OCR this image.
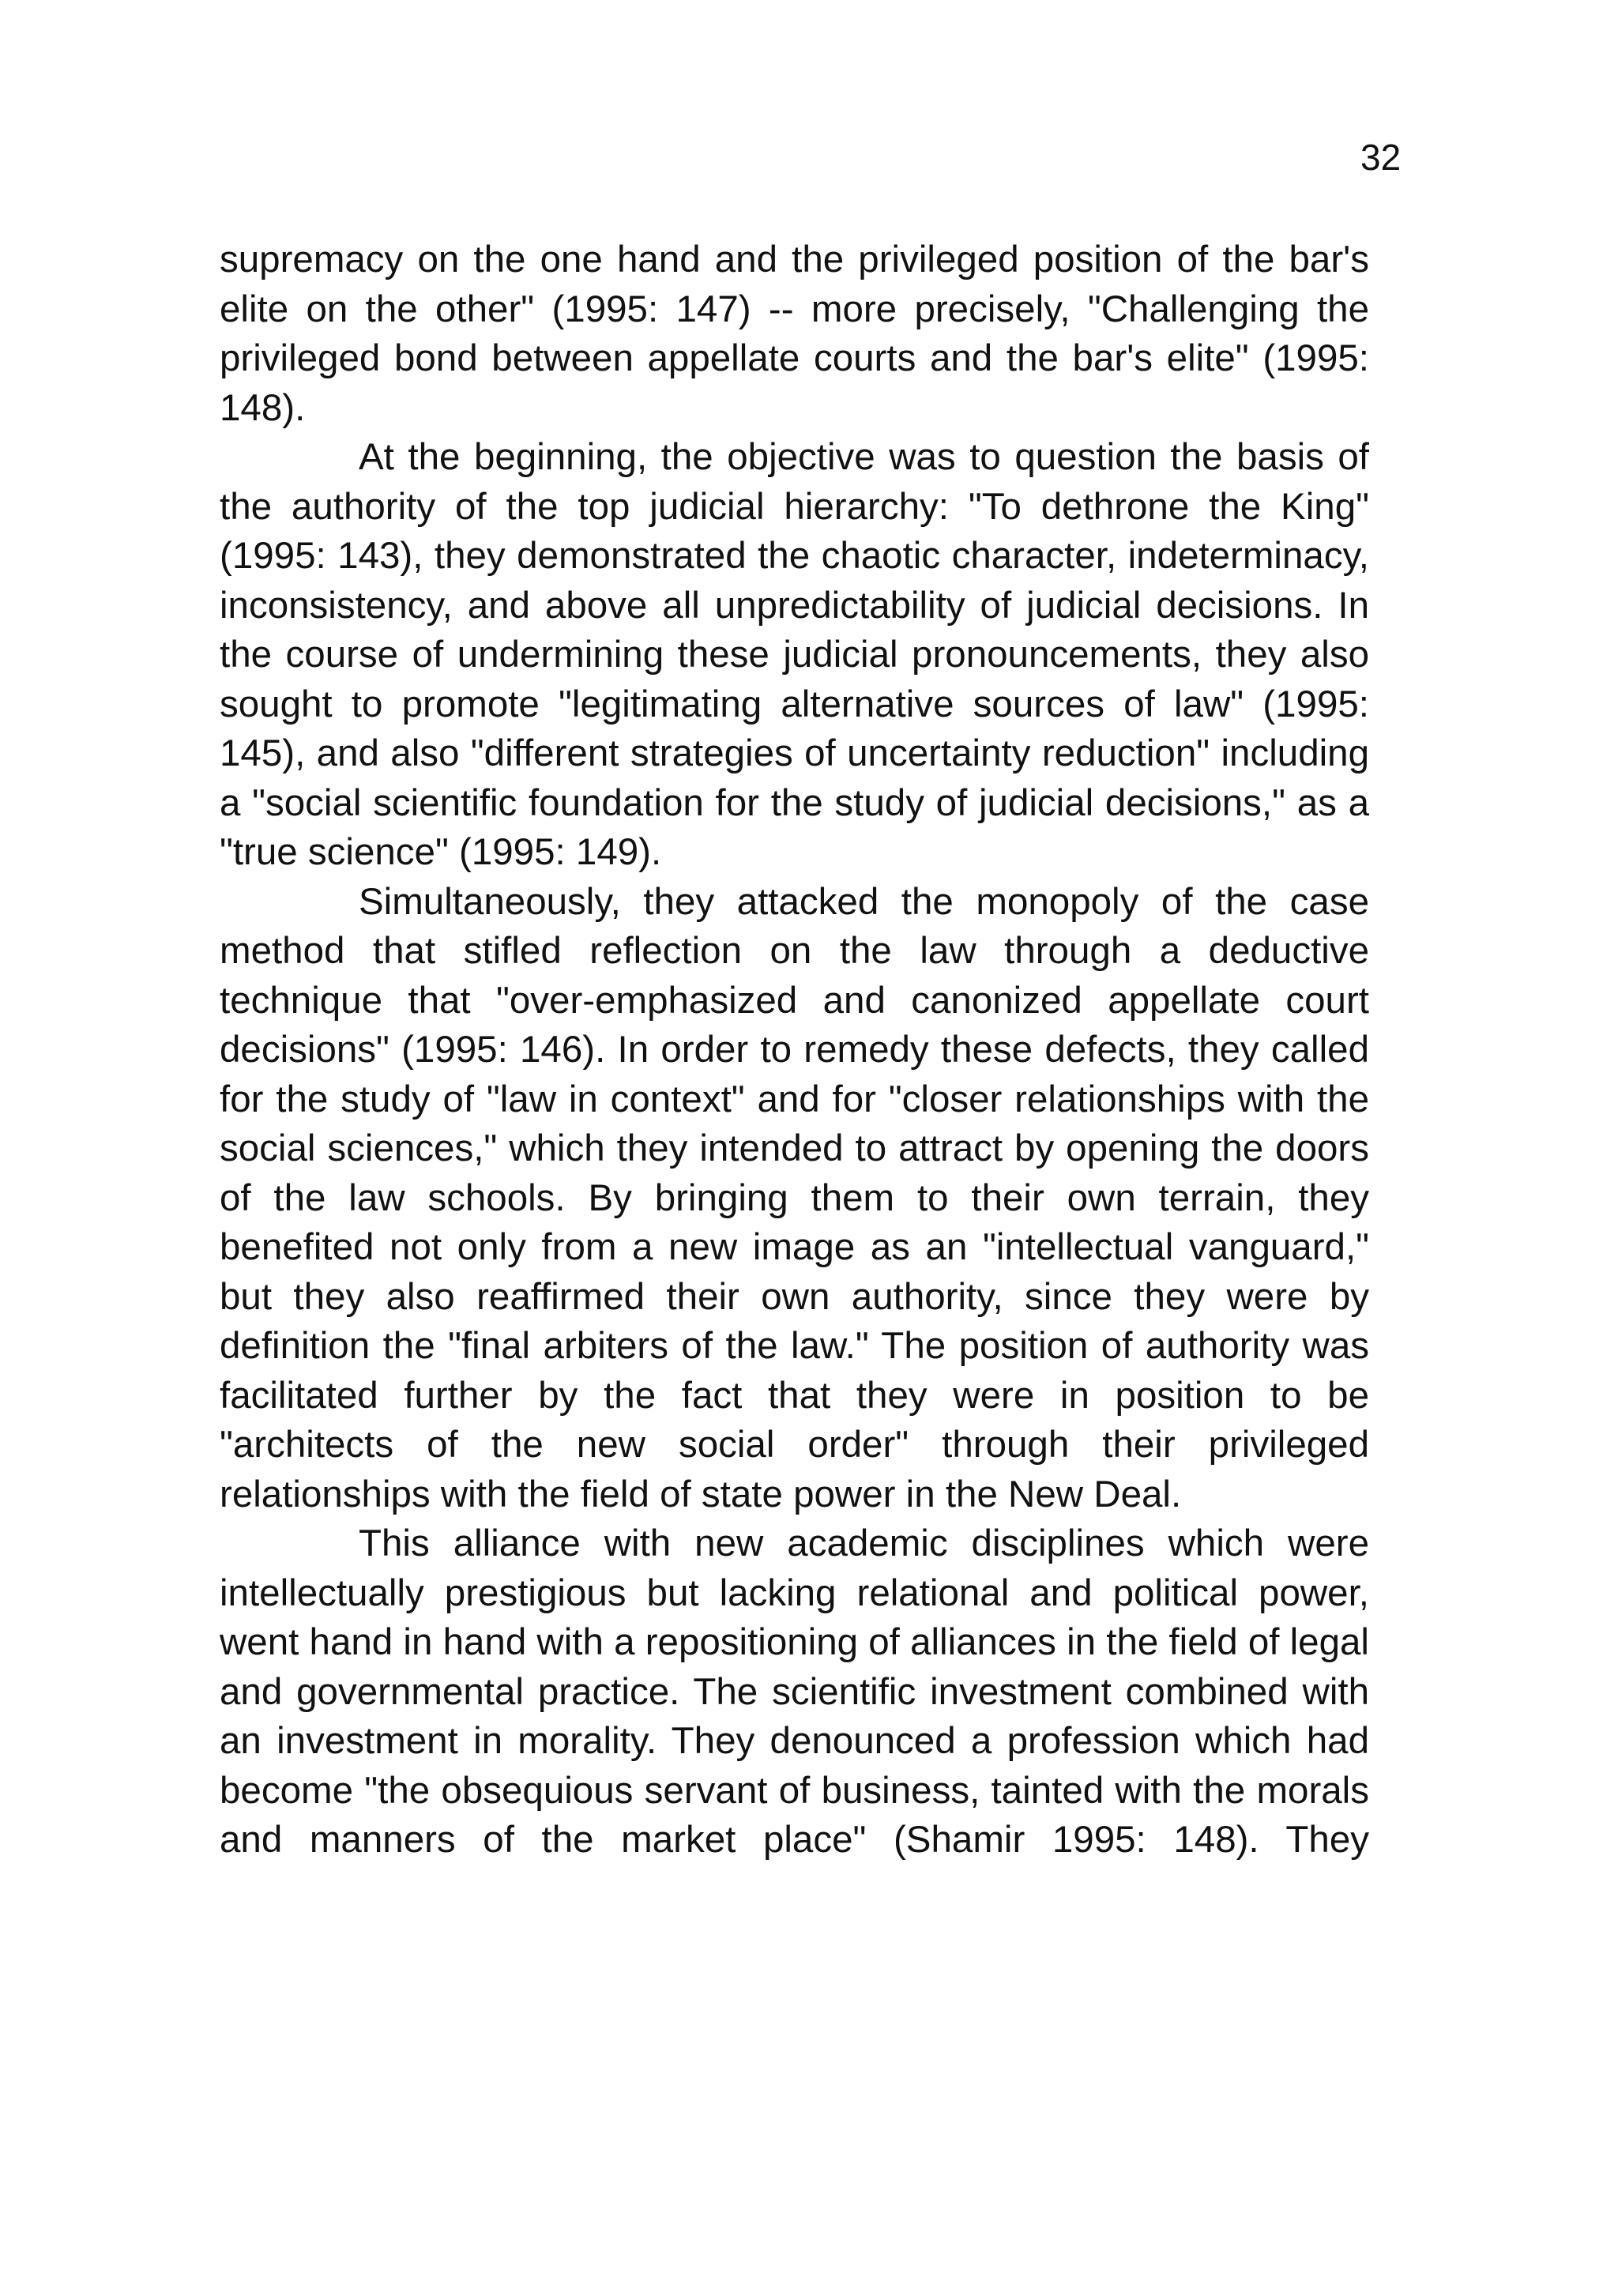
32

supremacy on the one hand and the privileged position of the bar's elite on the other" (1995: 147) -- more precisely, "Challenging the privileged bond between appellate courts and the bar's elite" (1995: 148).

At the beginning, the objective was to question the basis of the authority of the top judicial hierarchy: "To dethrone the King" (1995: 143), they demonstrated the chaotic character, indeterminacy, inconsistency, and above all unpredictability of judicial decisions. In the course of undermining these judicial pronouncements, they also sought to promote "legitimating alternative sources of law" (1995: 145), and also "different strategies of uncertainty reduction" including a "social scientific foundation for the study of judicial decisions," as a "true science" (1995: 149).

Simultaneously, they attacked the monopoly of the case method that stifled reflection on the law through a deductive technique that "over-emphasized and canonized appellate court decisions" (1995: 146). In order to remedy these defects, they called for the study of "law in context" and for "closer relationships with the social sciences," which they intended to attract by opening the doors of the law schools. By bringing them to their own terrain, they benefited not only from a new image as an "intellectual vanguard," but they also reaffirmed their own authority, since they were by definition the "final arbiters of the law." The position of authority was facilitated further by the fact that they were in position to be "architects of the new social order" through their privileged relationships with the field of state power in the New Deal.

This alliance with new academic disciplines which were intellectually prestigious but lacking relational and political power, went hand in hand with a repositioning of alliances in the field of legal and governmental practice. The scientific investment combined with an investment in morality. They denounced a profession which had become "the obsequious servant of business, tainted with the morals and manners of the market place" (Shamir 1995: 148). They
